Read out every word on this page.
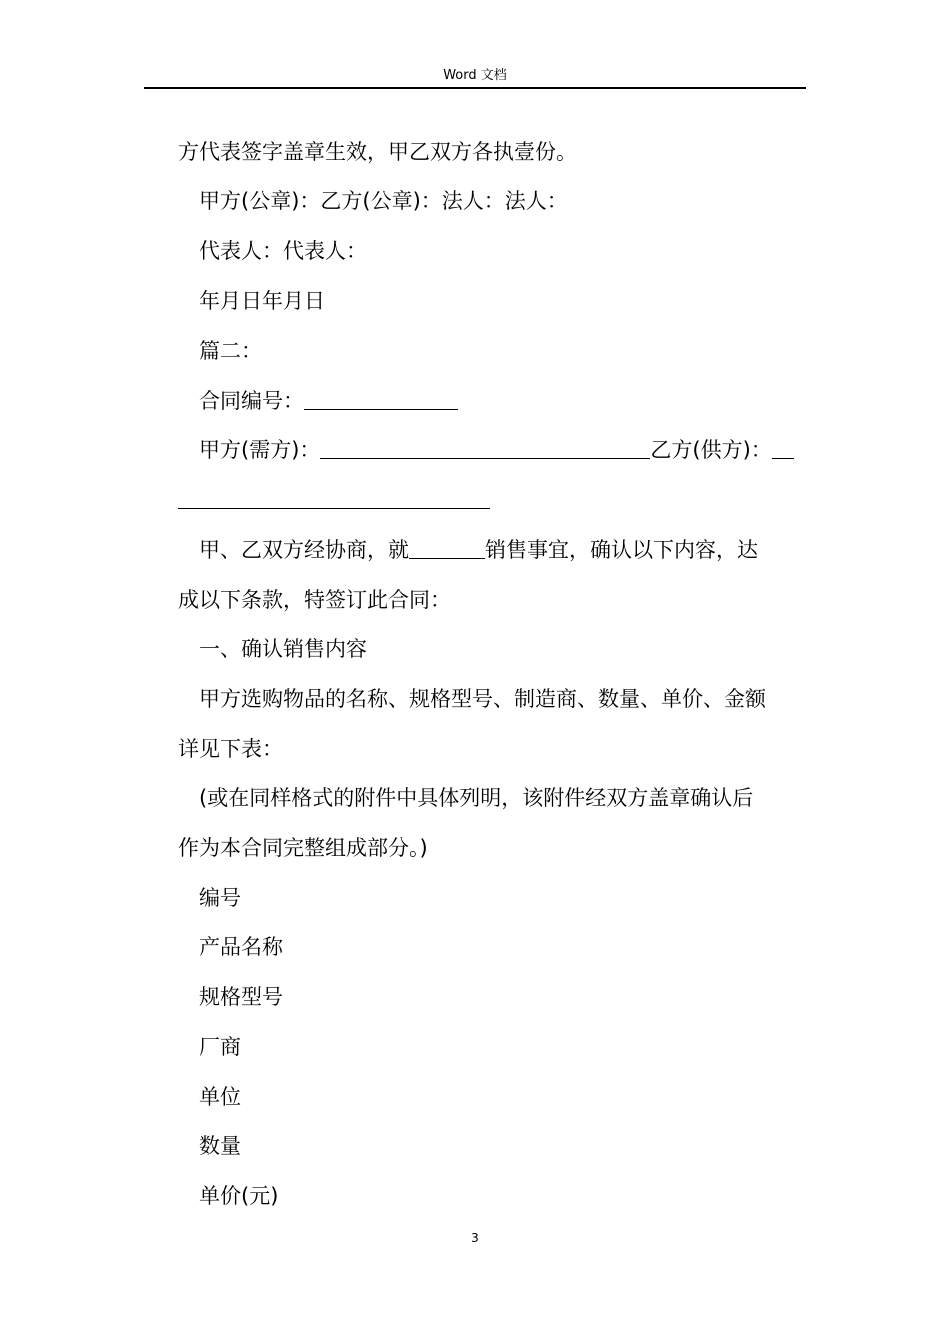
Word 文档
方代表签字盖章生效，甲乙双方各执壹份。
甲方(公章)：乙方(公章)：法人：法人：
代表人：代表人：
年月日年月日
篇二：
合同编号：
甲方(需方)：	乙方(供方)：
甲、乙双方经协商，就	销售事宜，确认以下内容，达
成以下条款，特签订此合同：
一、确认销售内容
甲方选购物品的名称、规格型号、制造商、数量、单价、金额
详见下表：
(或在同样格式的附件中具体列明，该附件经双方盖章确认后
作为本合同完整组成部分。)
编号
产品名称
规格型号
厂商
单位
数量
单价(元)
3
